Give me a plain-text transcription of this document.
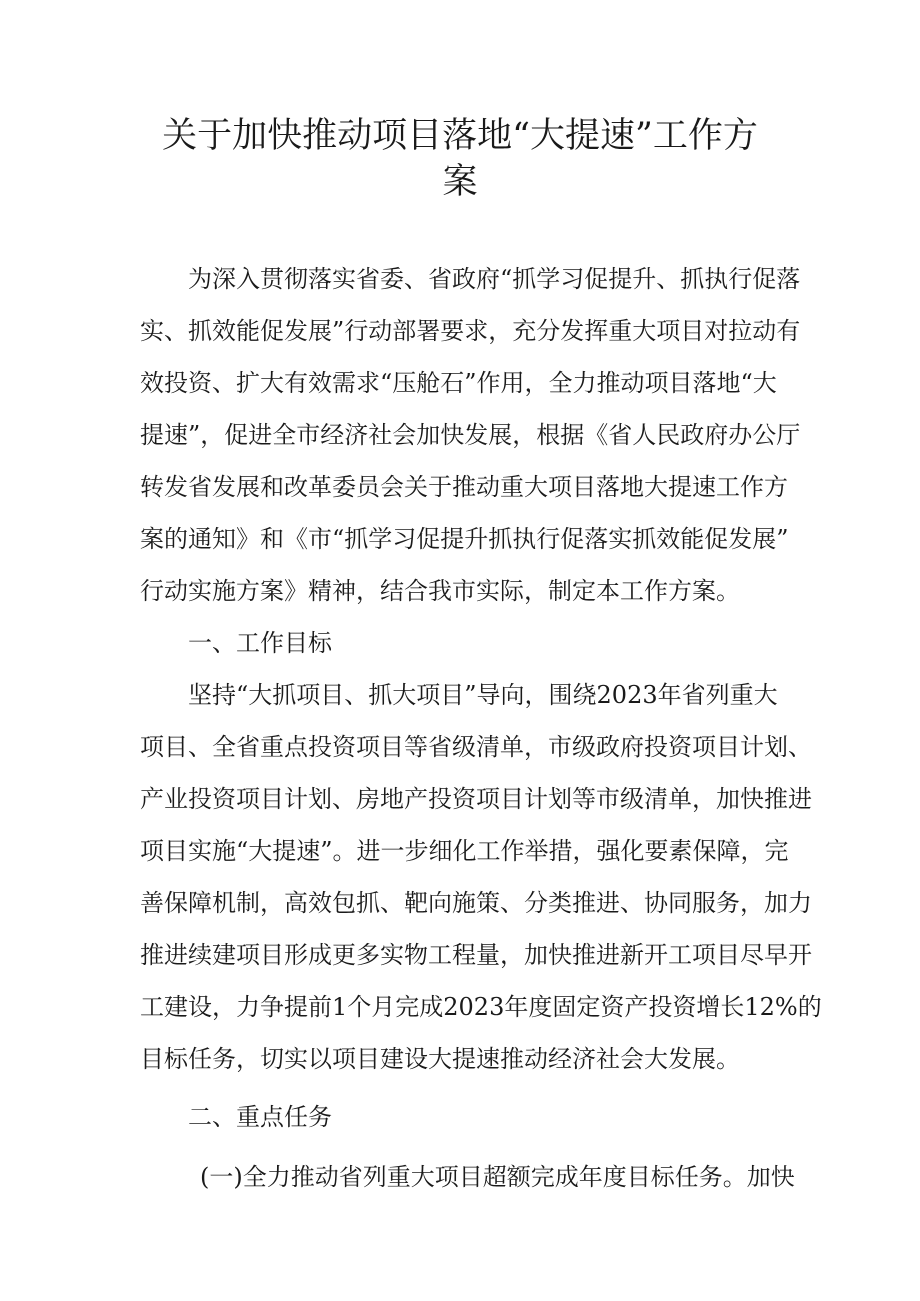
关于加快推动项目落地“大提速”工作方
案

为深入贯彻落实省委、省政府“抓学习促提升、抓执行促落

实、抓效能促发展”行动部署要求，充分发挥重大项目对拉动有

效投资、扩大有效需求“压舱石”作用，全力推动项目落地“大

提速”，促进全市经济社会加快发展，根据《省人民政府办公厅

转发省发展和改革委员会关于推动重大项目落地大提速工作方

案的通知》和《市“抓学习促提升抓执行促落实抓效能促发展”

行动实施方案》精神，结合我市实际，制定本工作方案。

一、工作目标

坚持“大抓项目、抓大项目”导向，围绕2023年省列重大

项目、全省重点投资项目等省级清单，市级政府投资项目计划、

产业投资项目计划、房地产投资项目计划等市级清单，加快推进

项目实施“大提速”。进一步细化工作举措，强化要素保障，完

善保障机制，高效包抓、靶向施策、分类推进、协同服务，加力

推进续建项目形成更多实物工程量，加快推进新开工项目尽早开

工建设，力争提前1个月完成2023年度固定资产投资增长12%的

目标任务，切实以项目建设大提速推动经济社会大发展。

二、重点任务

(一)全力推动省列重大项目超额完成年度目标任务。加快
